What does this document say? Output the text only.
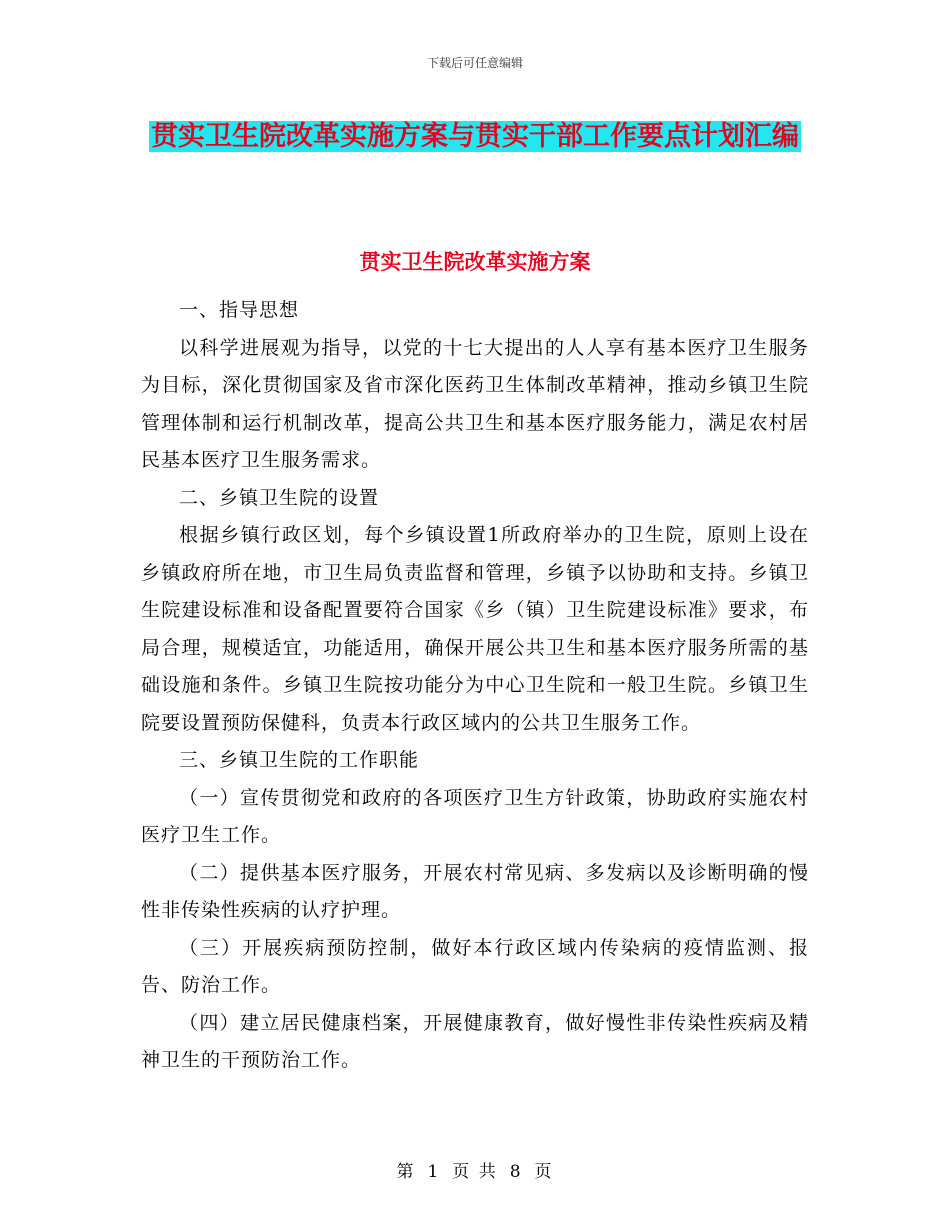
下载后可任意编辑
贯实卫生院改革实施方案与贯实干部工作要点计划汇编
贯实卫生院改革实施方案

一、指导思想

以科学进展观为指导，以党的十七大提出的人人享有基本医疗卫生服务为目标，深化贯彻国家及省市深化医药卫生体制改革精神，推动乡镇卫生院管理体制和运行机制改革，提高公共卫生和基本医疗服务能力，满足农村居民基本医疗卫生服务需求。

二、乡镇卫生院的设置

根据乡镇行政区划，每个乡镇设置1所政府举办的卫生院，原则上设在乡镇政府所在地，市卫生局负责监督和管理，乡镇予以协助和支持。乡镇卫生院建设标准和设备配置要符合国家《乡（镇）卫生院建设标准》要求，布局合理，规模适宜，功能适用，确保开展公共卫生和基本医疗服务所需的基础设施和条件。乡镇卫生院按功能分为中心卫生院和一般卫生院。乡镇卫生院要设置预防保健科，负责本行政区域内的公共卫生服务工作。

三、乡镇卫生院的工作职能

（一）宣传贯彻党和政府的各项医疗卫生方针政策，协助政府实施农村医疗卫生工作。

（二）提供基本医疗服务，开展农村常见病、多发病以及诊断明确的慢性非传染性疾病的认疗护理。

（三）开展疾病预防控制，做好本行政区域内传染病的疫情监测、报告、防治工作。

（四）建立居民健康档案，开展健康教育，做好慢性非传染性疾病及精神卫生的干预防治工作。

第 1 页 共 8 页
